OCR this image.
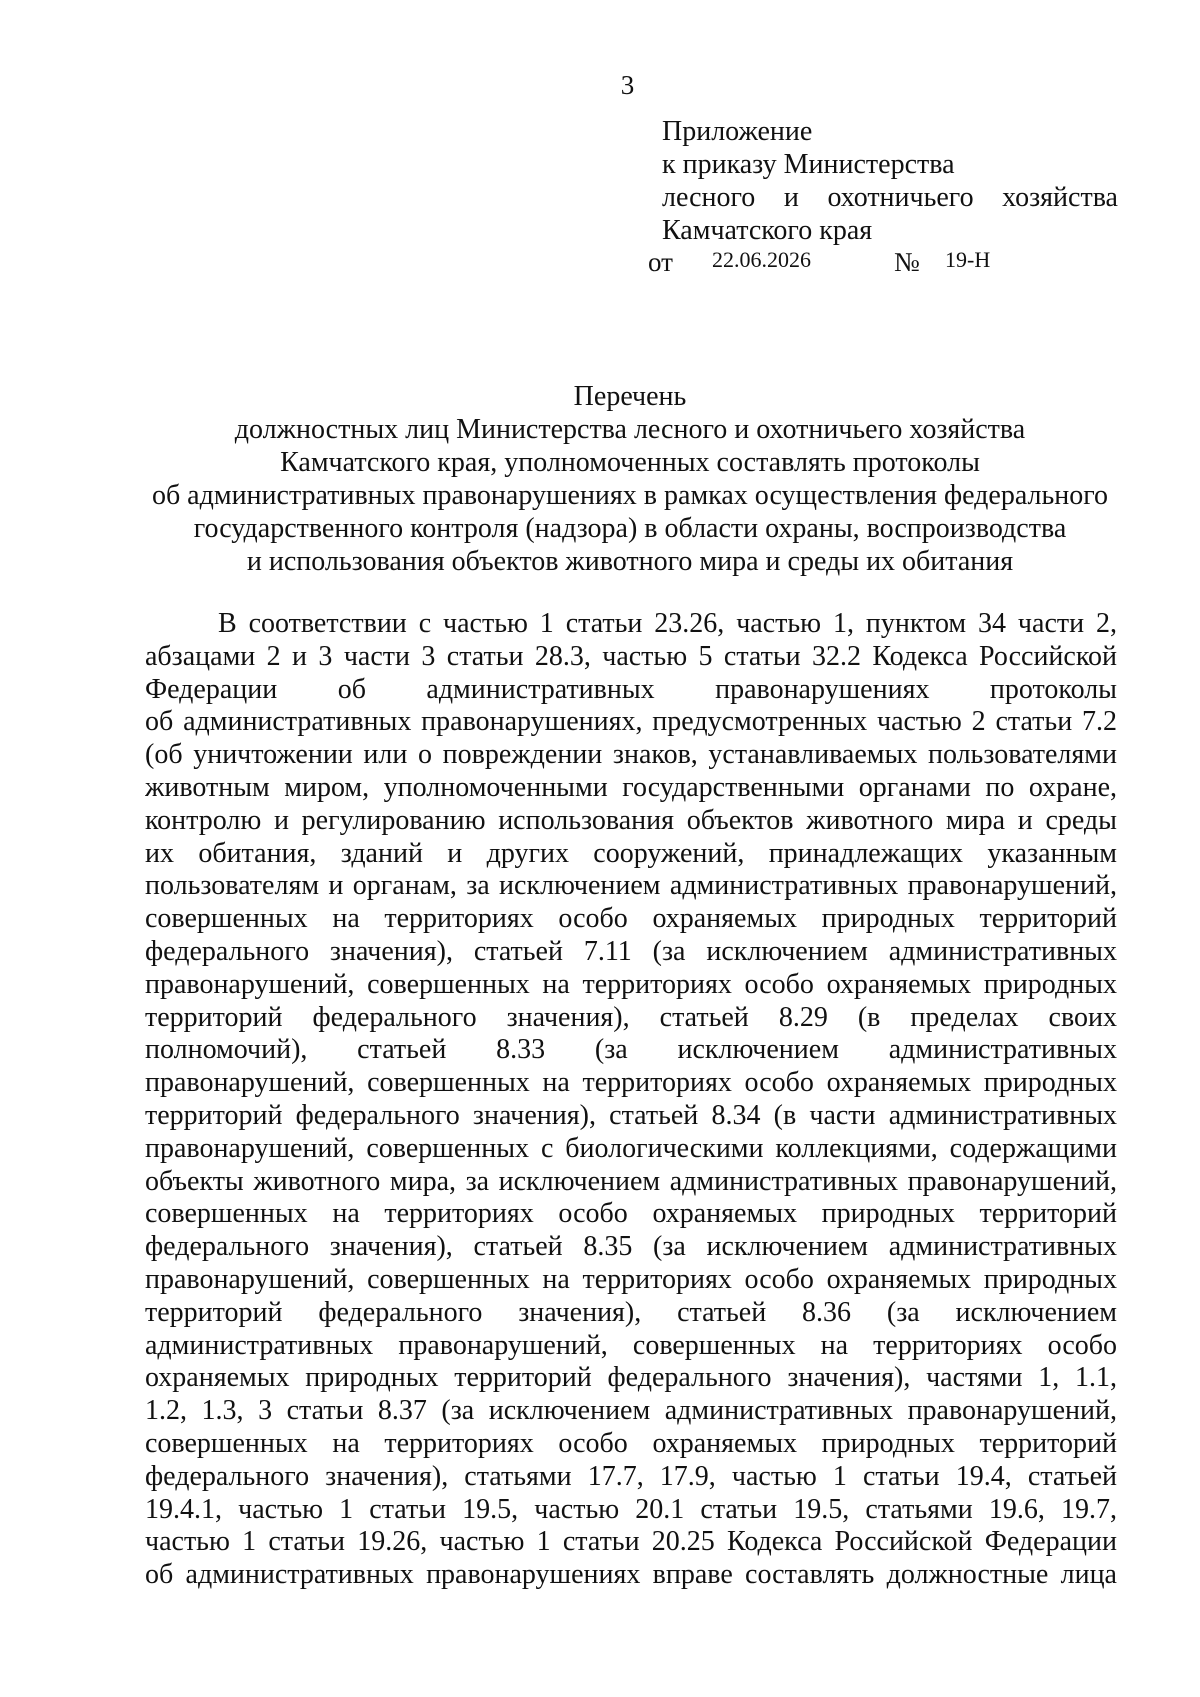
3
Приложение
к приказу Министерства
лесного и охотничьего хозяйства
Камчатского края
от 22.06.2026	№ 19-Н
Перечень
должностных лиц Министерства лесного и охотничьего хозяйства
Камчатского края, уполномоченных составлять протоколы
об административных правонарушениях в рамках осуществления федерального
государственного контроля (надзора) в области охраны, воспроизводства
и использования объектов животного мира и среды их обитания
В соответствии с частью 1 статьи 23.26, частью 1, пунктом 34 части 2,
абзацами 2 и 3 части 3 статьи 28.3, частью 5 статьи 32.2 Кодекса Российской
Федерации об административных правонарушениях протоколы
об административных правонарушениях, предусмотренных частью 2 статьи 7.2
(об уничтожении или о повреждении знаков, устанавливаемых пользователями
животным миром, уполномоченными государственными органами по охране,
контролю и регулированию использования объектов животного мира и среды
их обитания, зданий и других сооружений, принадлежащих указанным
пользователям и органам, за исключением административных правонарушений,
совершенных на территориях особо охраняемых природных территорий
федерального значения), статьей 7.11 (за исключением административных
правонарушений, совершенных на территориях особо охраняемых природных
территорий федерального значения), статьей 8.29 (в пределах своих
полномочий), статьей 8.33 (за исключением административных
правонарушений, совершенных на территориях особо охраняемых природных
территорий федерального значения), статьей 8.34 (в части административных
правонарушений, совершенных с биологическими коллекциями, содержащими
объекты животного мира, за исключением административных правонарушений,
совершенных на территориях особо охраняемых природных территорий
федерального значения), статьей 8.35 (за исключением административных
правонарушений, совершенных на территориях особо охраняемых природных
территорий федерального значения), статьей 8.36 (за исключением
административных правонарушений, совершенных на территориях особо
охраняемых природных территорий федерального значения), частями 1, 1.1,
1.2, 1.3, 3 статьи 8.37 (за исключением административных правонарушений,
совершенных на территориях особо охраняемых природных территорий
федерального значения), статьями 17.7, 17.9, частью 1 статьи 19.4, статьей
19.4.1, частью 1 статьи 19.5, частью 20.1 статьи 19.5, статьями 19.6, 19.7,
частью 1 статьи 19.26, частью 1 статьи 20.25 Кодекса Российской Федерации
об административных правонарушениях вправе составлять должностные лица
